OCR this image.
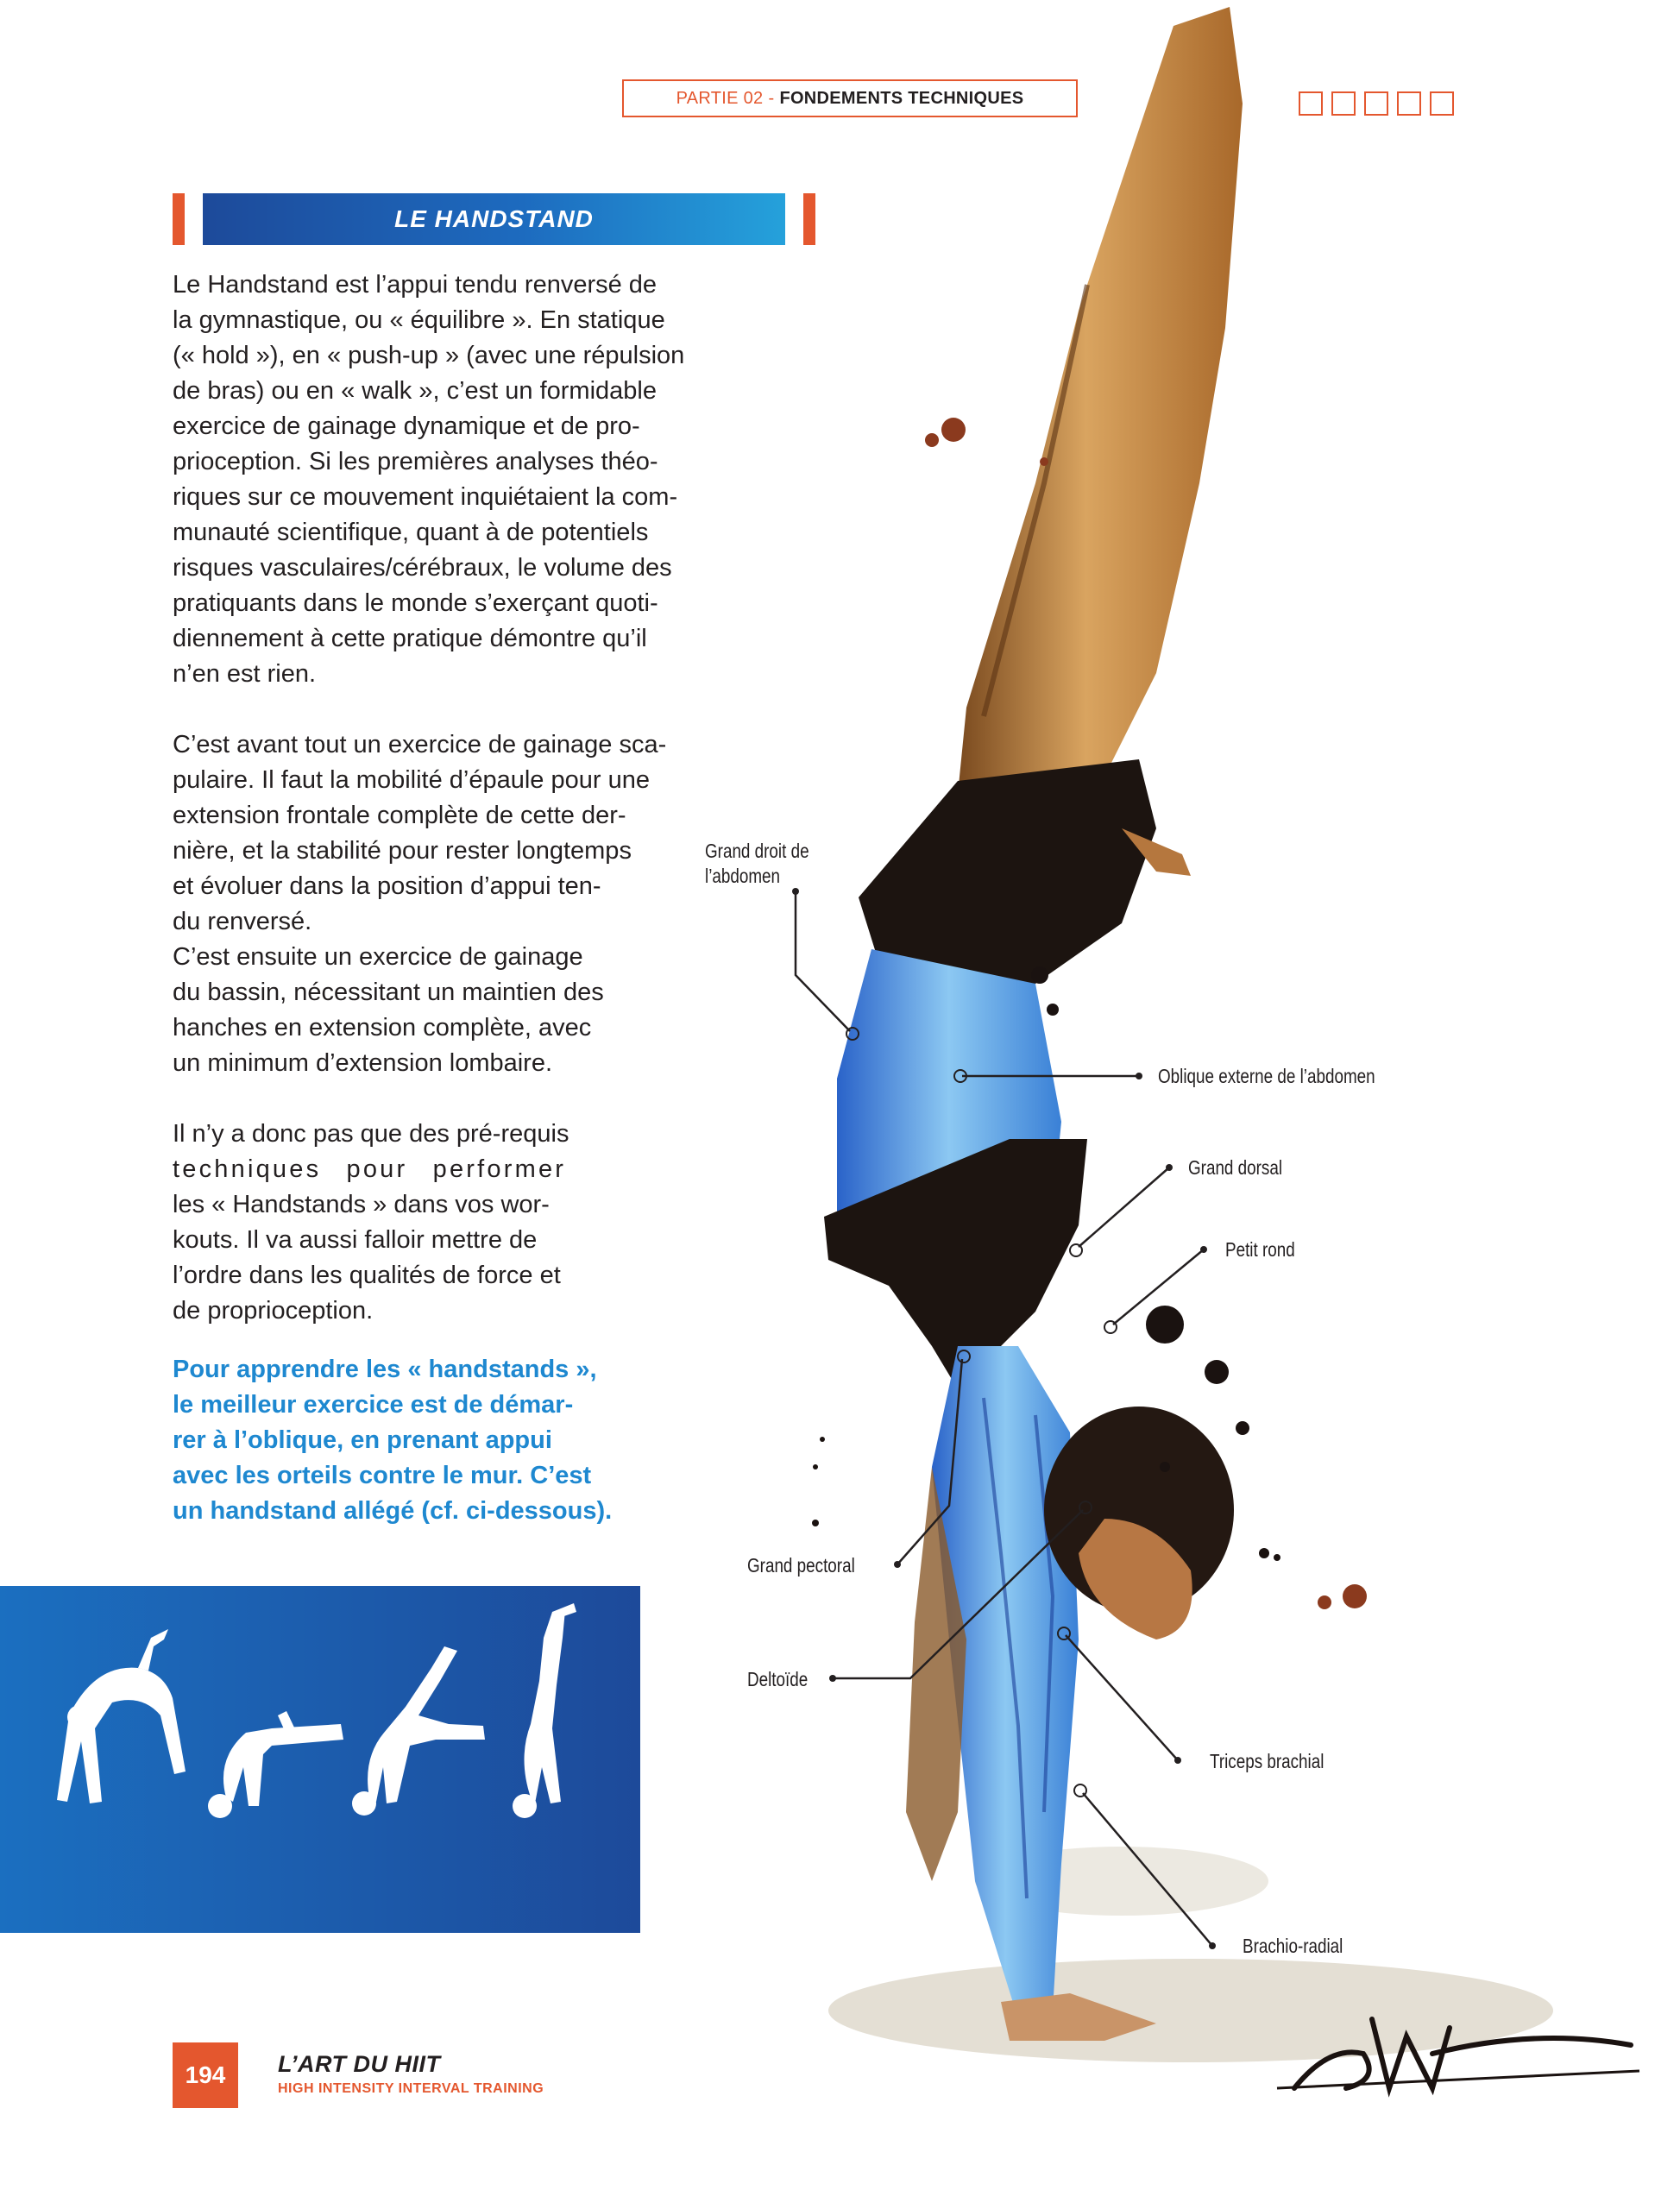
PARTIE 02 - FONDEMENTS TECHNIQUES
LE HANDSTAND

Le Handstand est l’appui tendu renversé de
la gymnastique, ou « équilibre ». En statique
(« hold »), en « push-up » (avec une répulsion
de bras) ou en « walk », c’est un formidable
exercice de gainage dynamique et de pro-
prioception. Si les premières analyses théo-
riques sur ce mouvement inquiétaient la com-
munauté scientifique, quant à de potentiels
risques vasculaires/cérébraux, le volume des
pratiquants dans le monde s’exerçant quoti-
diennement à cette pratique démontre qu’il
n’en est rien.

C’est avant tout un exercice de gainage sca-
pulaire. Il faut la mobilité d’épaule pour une
extension frontale complète de cette der-
nière, et la stabilité pour rester longtemps
et évoluer dans la position d’appui ten-
du renversé.

C’est ensuite un exercice de gainage
du bassin, nécessitant un maintien des
hanches en extension complète, avec
un minimum d’extension lombaire.

Il n’y a donc pas que des pré-requis
techniques pour performer
les « Handstands » dans vos wor-
kouts. Il va aussi falloir mettre de
l’ordre dans les qualités de force et
de proprioception.

Pour apprendre les « handstands »,
le meilleur exercice est de démar-
rer à l’oblique, en prenant appui
avec les orteils contre le mur. C’est
un handstand allégé (cf. ci-dessous).
Grand droit de
l’abdomen
Oblique externe de l’abdomen
Grand dorsal
Petit rond
Grand pectoral
Deltoïde
Triceps brachial
Brachio-radial
194	L’ART DU HIIT
HIGH INTENSITY INTERVAL TRAINING
